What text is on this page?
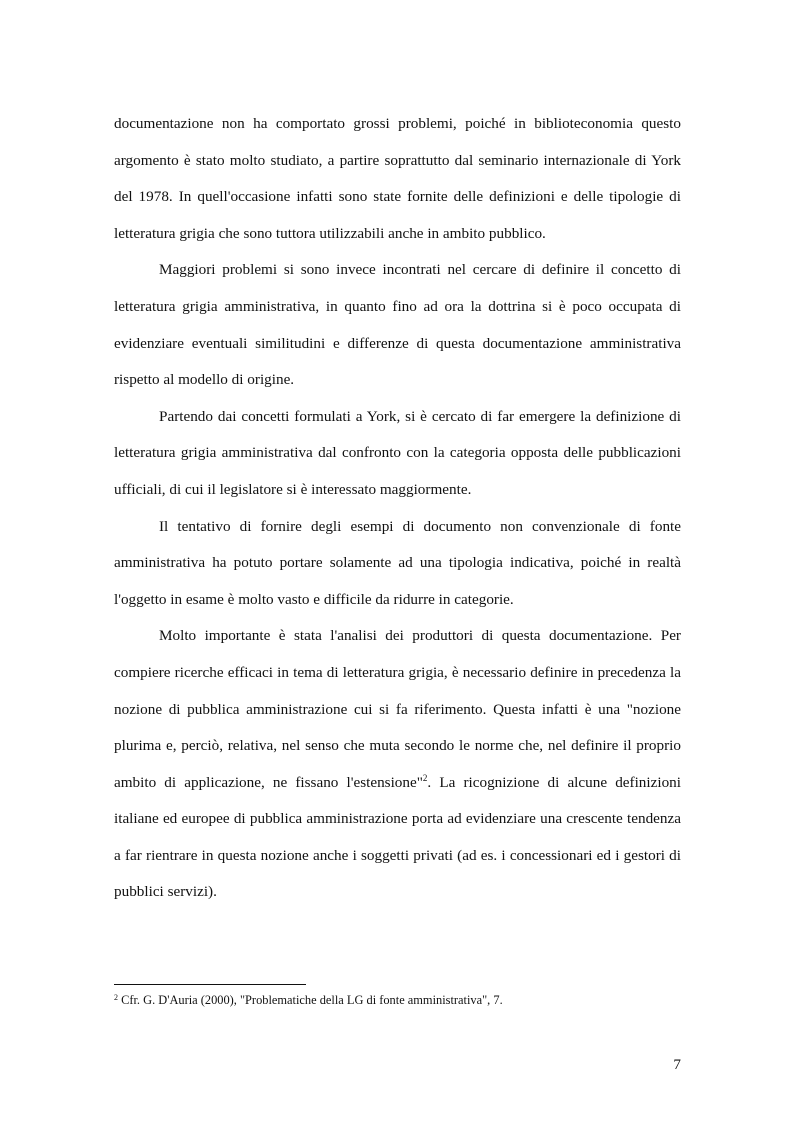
documentazione non ha comportato grossi problemi, poiché in biblioteconomia questo argomento è stato molto studiato, a partire soprattutto dal seminario internazionale di York del 1978. In quell'occasione infatti sono state fornite delle definizioni e delle tipologie di letteratura grigia che sono tuttora utilizzabili anche in ambito pubblico.

Maggiori problemi si sono invece incontrati nel cercare di definire il concetto di letteratura grigia amministrativa, in quanto fino ad ora la dottrina si è poco occupata di evidenziare eventuali similitudini e differenze di questa documentazione amministrativa rispetto al modello di origine.

Partendo dai concetti formulati a York, si è cercato di far emergere la definizione di letteratura grigia amministrativa dal confronto con la categoria opposta delle pubblicazioni ufficiali, di cui il legislatore si è interessato maggiormente.

Il tentativo di fornire degli esempi di documento non convenzionale di fonte amministrativa ha potuto portare solamente ad una tipologia indicativa, poiché in realtà l'oggetto in esame è molto vasto e difficile da ridurre in categorie.

Molto importante è stata l'analisi dei produttori di questa documentazione. Per compiere ricerche efficaci in tema di letteratura grigia, è necessario definire in precedenza la nozione di pubblica amministrazione cui si fa riferimento. Questa infatti è una "nozione plurima e, perciò, relativa, nel senso che muta secondo le norme che, nel definire il proprio ambito di applicazione, ne fissano l'estensione"$^2$. La ricognizione di alcune definizioni italiane ed europee di pubblica amministrazione porta ad evidenziare una crescente tendenza a far rientrare in questa nozione anche i soggetti privati (ad es. i concessionari ed i gestori di pubblici servizi).

$^2$ Cfr. G. D'Auria (2000), "Problematiche della LG di fonte amministrativa", 7.
7
